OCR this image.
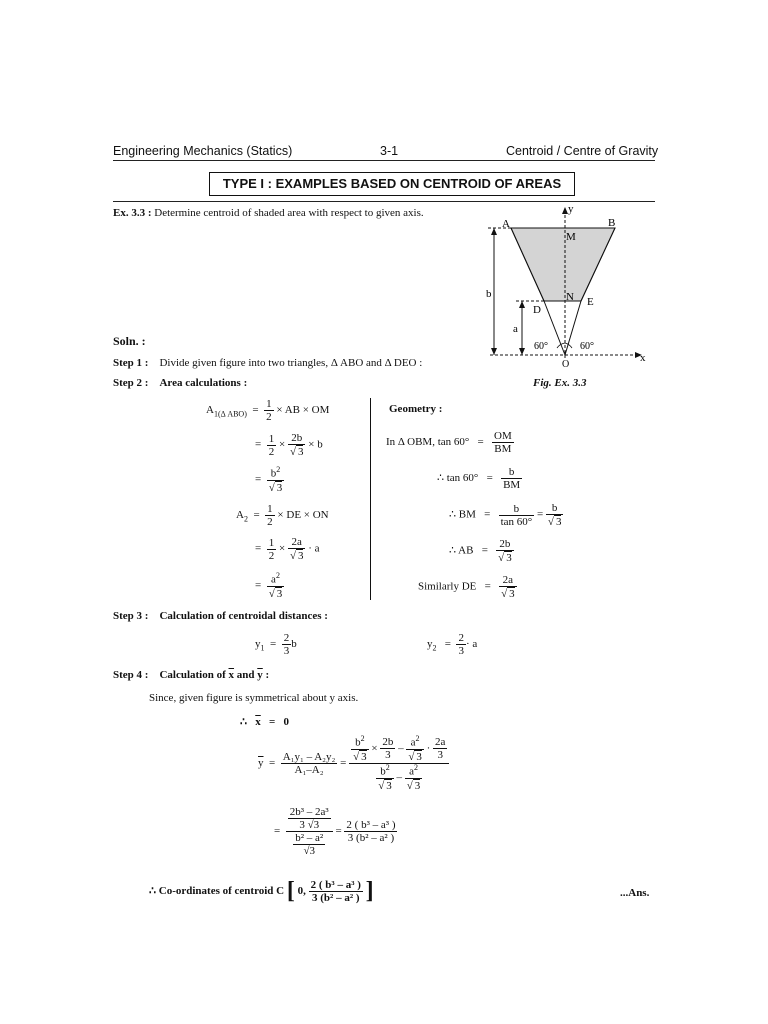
Engineering Mechanics (Statics)	3-1	Centroid / Centre of Gravity
TYPE I : EXAMPLES BASED ON CENTROID OF AREAS
Ex. 3.3 : Determine centroid of shaded area with respect to given axis.
A	B
y
M
N E
D
b
a
60°	60°
O
x
Fig. Ex. 3.3
Soln. :
Step 1 : Divide given figure into two triangles, Δ ABO and Δ DEO :
Step 2 : Area calculations :
$A_{1(\Delta ABO)} = \frac{1}{2}$ × AB × OM
= $\frac{1}{2} \times \frac{2b}{√ 3} \times b$
= $\frac{b^2}{√ 3}$
$A_2 = \frac{1}{2}$ × DE × ON
= $\frac{1}{2} \times \frac{2a}{√ 3} \cdot a$
= $\frac{a^2}{√ 3}$
Geometry :
In Δ OBM, $\tan 60^\circ = \frac{OM}{BM}$
∴ $\tan 60^\circ = \frac{b}{BM}$
∴ BM = $\frac{b}{\tan 60^\circ} = \frac{b}{√ 3}$
∴ AB = $\frac{2b}{√ 3}$
Similarly DE = $\frac{2a}{√ 3}$
Step 3 : Calculation of centroidal distances :
$y_1 = \frac{2}{3}$ b	$y_2 = \frac{2}{3} \cdot a$
Step 4 : Calculation of $\overline{x}$ and $\overline{y}$ :
Since, given figure is symmetrical about y axis.
∴ $\overline{x} = 0$
$\overline{y} = \frac{\text{A₁y₁ – A₂y₂}}{\text{A₁–A₂}} = \frac{\frac{b^2}{√ 3} \times \frac{2b}{3} - \frac{a^2}{√ 3} \cdot \frac{2a}{3}}{\frac{b^2}{√ 3} - \frac{a^2}{√ 3}}$
= $\frac{\frac{\text{2b³ – 2a³}}{3 √3}}{\frac{\text{b² – a²}}{√3}} = \frac{\text{2 ( b³ – a³ )}}{\text{3 (b² – a² )}}$
∴ Co-ordinates of centroid C [ 0, $\frac{\text{2 ( b³ – a³ )}}{\text{3 (b² – a² )}}$ ]	...Ans.
